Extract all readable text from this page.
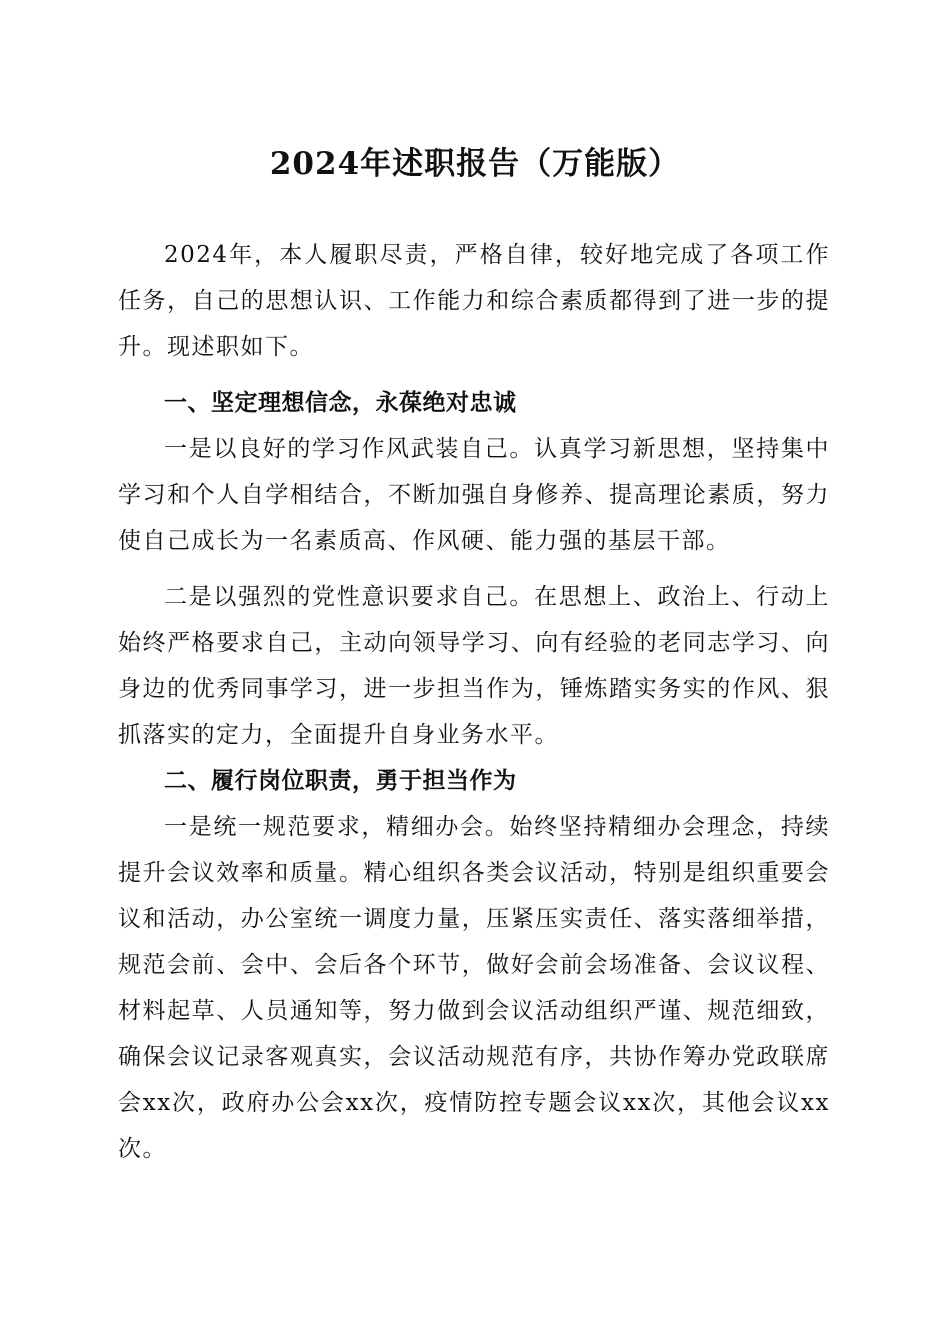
2024年述职报告（万能版）

2024年，本人履职尽责，严格自律，较好地完成了各项工作任务，自己的思想认识、工作能力和综合素质都得到了进一步的提升。现述职如下。

一、坚定理想信念，永葆绝对忠诚

一是以良好的学习作风武装自己。认真学习新思想，坚持集中学习和个人自学相结合，不断加强自身修养、提高理论素质，努力使自己成长为一名素质高、作风硬、能力强的基层干部。

二是以强烈的党性意识要求自己。在思想上、政治上、行动上始终严格要求自己，主动向领导学习、向有经验的老同志学习、向身边的优秀同事学习，进一步担当作为，锤炼踏实务实的作风、狠抓落实的定力，全面提升自身业务水平。

二、履行岗位职责，勇于担当作为

一是统一规范要求，精细办会。始终坚持精细办会理念，持续提升会议效率和质量。精心组织各类会议活动，特别是组织重要会议和活动，办公室统一调度力量，压紧压实责任、落实落细举措，规范会前、会中、会后各个环节，做好会前会场准备、会议议程、材料起草、人员通知等，努力做到会议活动组织严谨、规范细致，确保会议记录客观真实，会议活动规范有序，共协作筹办党政联席会xx次，政府办公会xx次，疫情防控专题会议xx次，其他会议xx次。
